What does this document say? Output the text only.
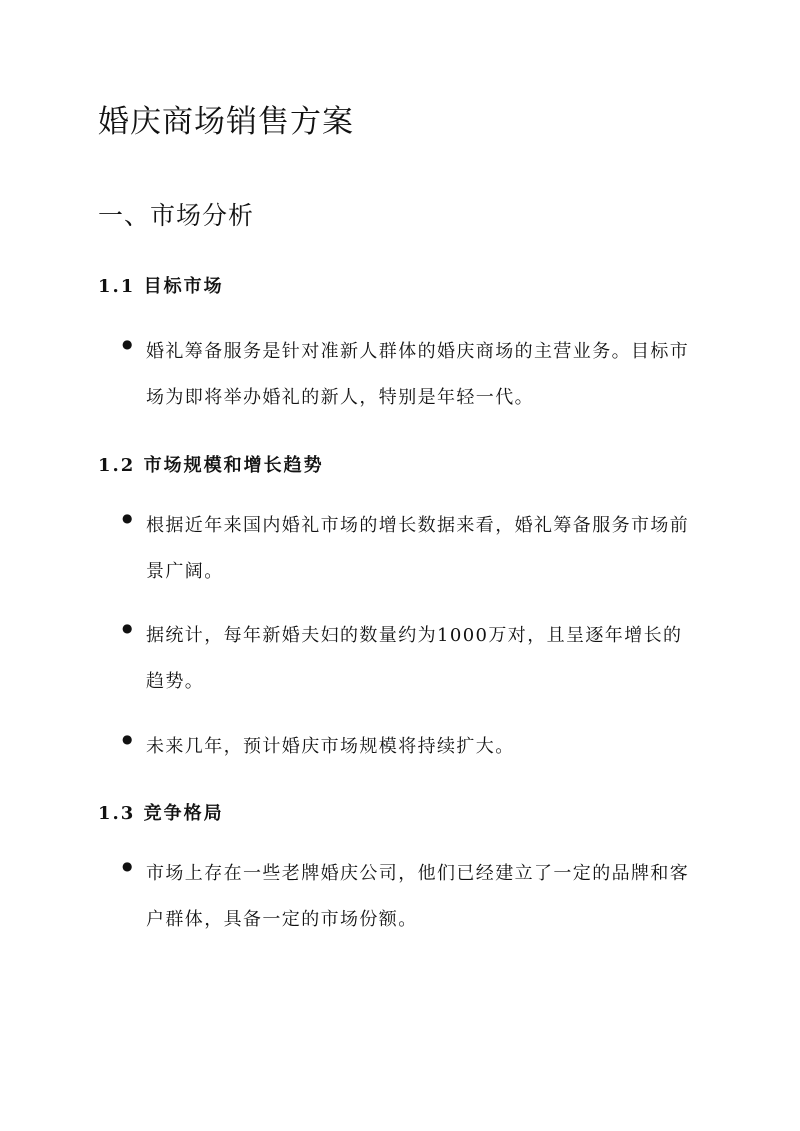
婚庆商场销售方案
一、市场分析
1.1 目标市场
● 婚礼筹备服务是针对准新人群体的婚庆商场的主营业务。目标市场为即将举办婚礼的新人，特别是年轻一代。

1.2 市场规模和增长趋势
● 根据近年来国内婚礼市场的增长数据来看，婚礼筹备服务市场前景广阔。

● 据统计，每年新婚夫妇的数量约为1000万对，且呈逐年增长的趋势。

● 未来几年，预计婚庆市场规模将持续扩大。

1.3 竞争格局
● 市场上存在一些老牌婚庆公司，他们已经建立了一定的品牌和客户群体，具备一定的市场份额。
